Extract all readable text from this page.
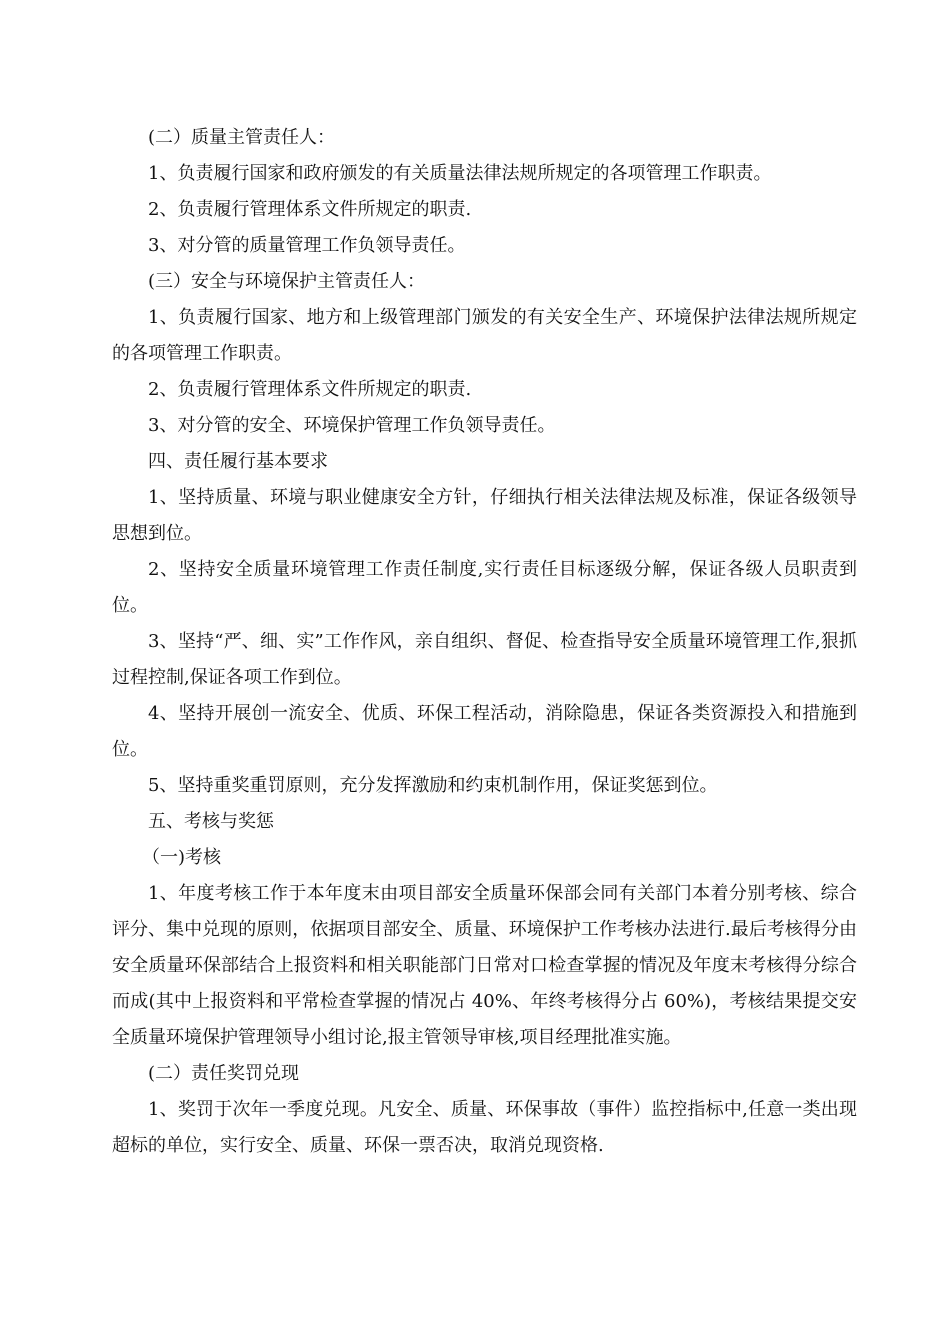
(二）质量主管责任人：

1、负责履行国家和政府颁发的有关质量法律法规所规定的各项管理工作职责。

2、负责履行管理体系文件所规定的职责.

3、对分管的质量管理工作负领导责任。

(三）安全与环境保护主管责任人：

1、负责履行国家、地方和上级管理部门颁发的有关安全生产、环境保护法律法规所规定的各项管理工作职责。

2、负责履行管理体系文件所规定的职责.

3、对分管的安全、环境保护管理工作负领导责任。

四、责任履行基本要求

1、坚持质量、环境与职业健康安全方针，仔细执行相关法律法规及标准，保证各级领导思想到位。

2、坚持安全质量环境管理工作责任制度,实行责任目标逐级分解，保证各级人员职责到位。

3、坚持“严、细、实”工作作风，亲自组织、督促、检查指导安全质量环境管理工作,狠抓过程控制,保证各项工作到位。

4、坚持开展创一流安全、优质、环保工程活动，消除隐患，保证各类资源投入和措施到位。

5、坚持重奖重罚原则，充分发挥激励和约束机制作用，保证奖惩到位。

五、考核与奖惩

（一)考核

1、年度考核工作于本年度末由项目部安全质量环保部会同有关部门本着分别考核、综合评分、集中兑现的原则，依据项目部安全、质量、环境保护工作考核办法进行.最后考核得分由安全质量环保部结合上报资料和相关职能部门日常对口检查掌握的情况及年度末考核得分综合而成(其中上报资料和平常检查掌握的情况占 40%、年终考核得分占 60%)，考核结果提交安全质量环境保护管理领导小组讨论,报主管领导审核,项目经理批准实施。

(二）责任奖罚兑现

1、奖罚于次年一季度兑现。凡安全、质量、环保事故（事件）监控指标中,任意一类出现超标的单位，实行安全、质量、环保一票否决，取消兑现资格.
